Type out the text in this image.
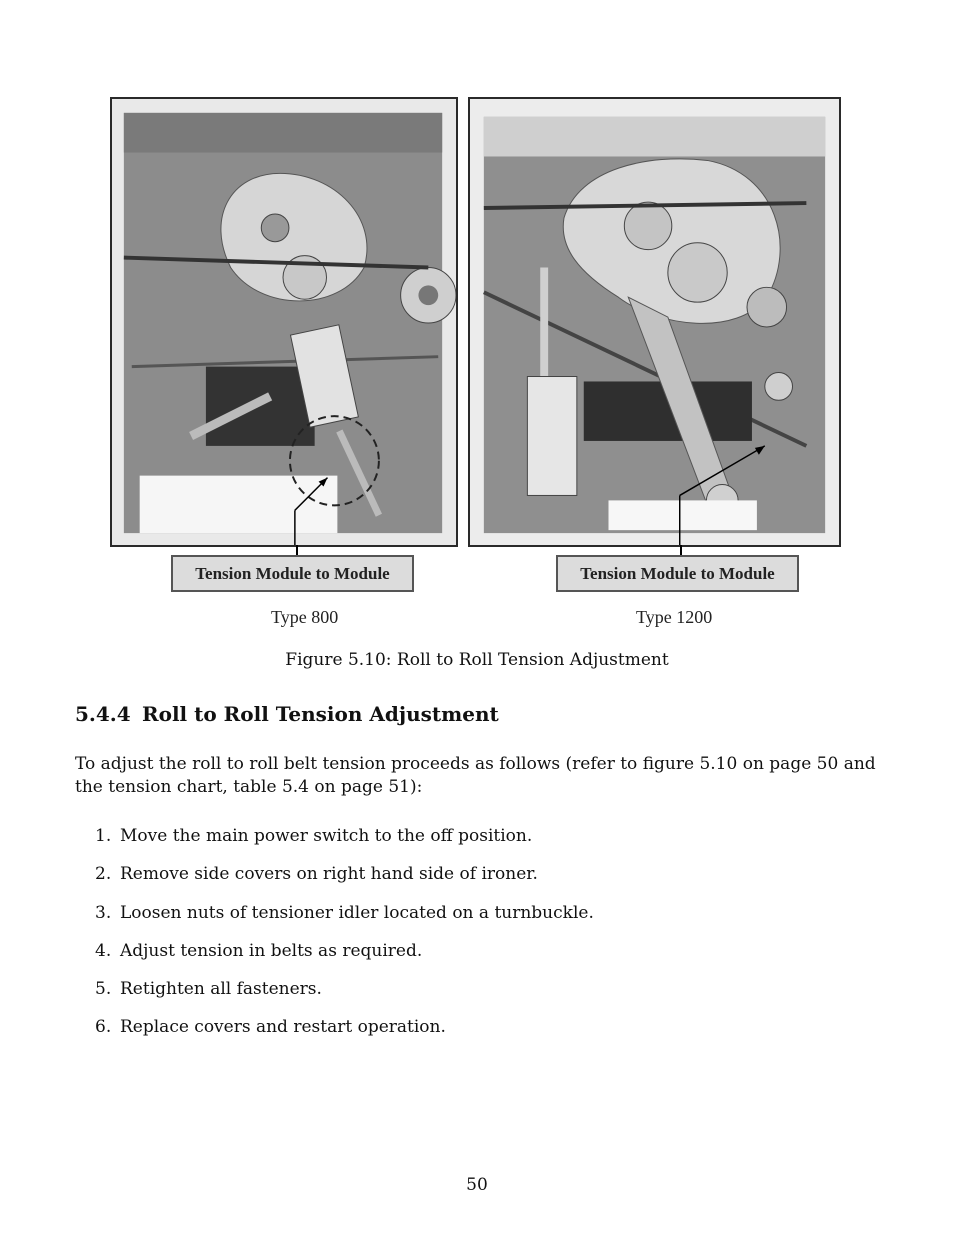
Tension Module to Module	Tension Module to Module
Type 800	Type 1200
Figure 5.10: Roll to Roll Tension Adjustment
5.4.4 Roll to Roll Tension Adjustment
To adjust the roll to roll belt tension proceeds as follows (refer to figure 5.10 on page 50 and the tension chart, table 5.4 on page 51):
1. Move the main power switch to the off position.
2. Remove side covers on right hand side of ironer.
3. Loosen nuts of tensioner idler located on a turnbuckle.
4. Adjust tension in belts as required.
5. Retighten all fasteners.
6. Replace covers and restart operation.
50
